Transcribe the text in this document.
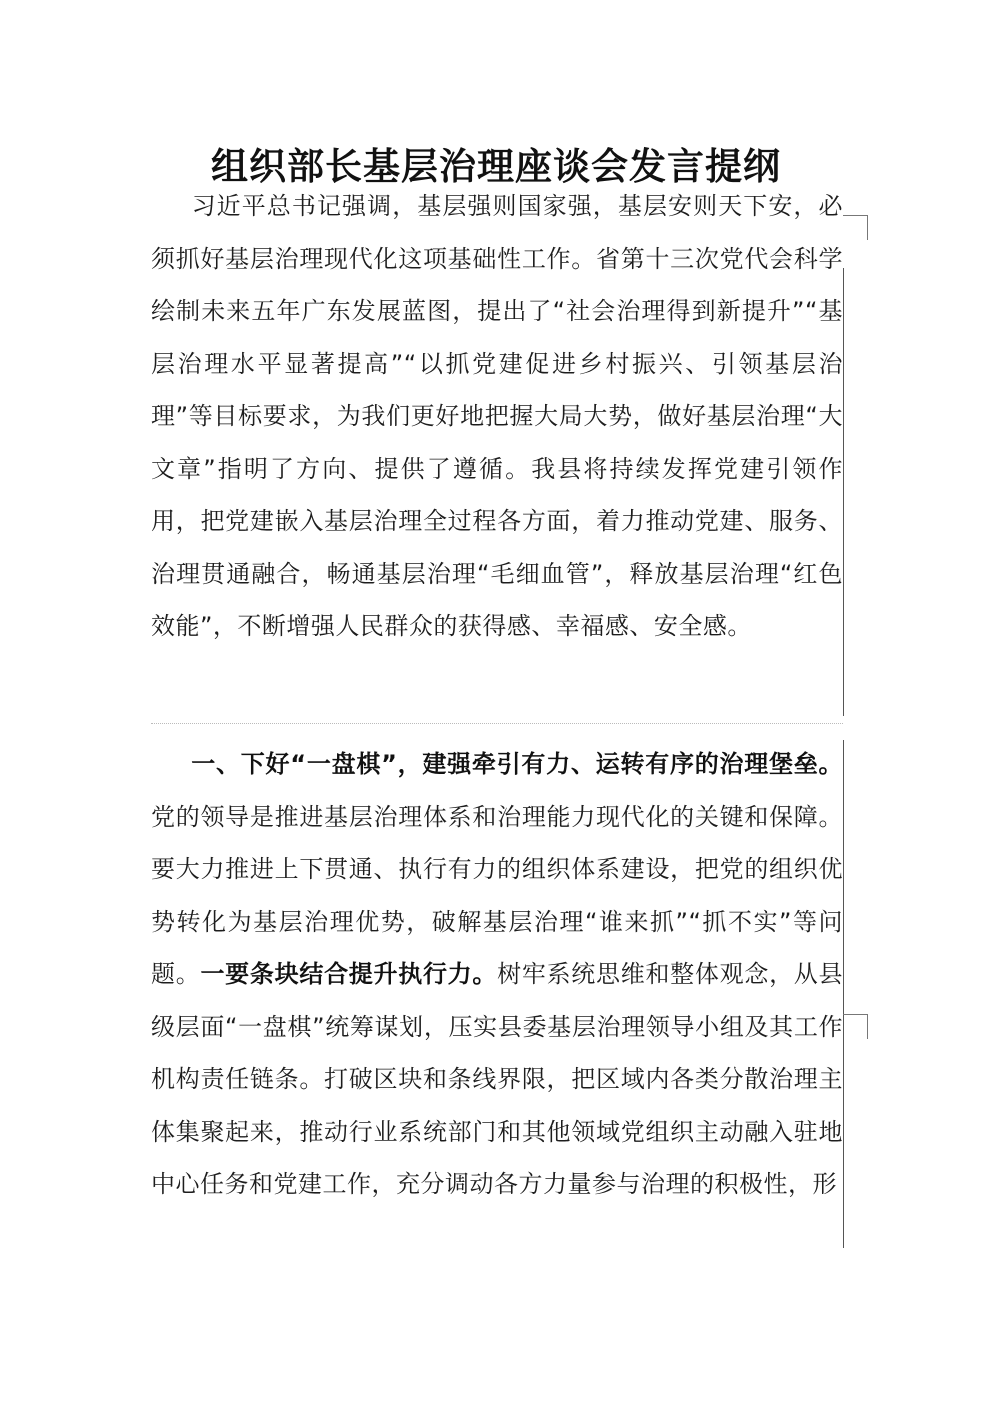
组织部长基层治理座谈会发言提纲

习近平总书记强调，基层强则国家强，基层安则天下安，必须抓好基层治理现代化这项基础性工作。省第十三次党代会科学绘制未来五年广东发展蓝图，提出了“社会治理得到新提升”“基层治理水平显著提高”“以抓党建促进乡村振兴、引领基层治理”等目标要求，为我们更好地把握大局大势，做好基层治理“大文章”指明了方向、提供了遵循。我县将持续发挥党建引领作用，把党建嵌入基层治理全过程各方面，着力推动党建、服务、治理贯通融合，畅通基层治理“毛细血管”，释放基层治理“红色效能”，不断增强人民群众的获得感、幸福感、安全感。

一、下好“一盘棋”，建强牵引有力、运转有序的治理堡垒。党的领导是推进基层治理体系和治理能力现代化的关键和保障。要大力推进上下贯通、执行有力的组织体系建设，把党的组织优势转化为基层治理优势，破解基层治理“谁来抓”“抓不实”等问题。一要条块结合提升执行力。树牢系统思维和整体观念，从县级层面“一盘棋”统筹谋划，压实县委基层治理领导小组及其工作机构责任链条。打破区块和条线界限，把区域内各类分散治理主体集聚起来，推动行业系统部门和其他领域党组织主动融入驻地中心任务和党建工作，充分调动各方力量参与治理的积极性，形
